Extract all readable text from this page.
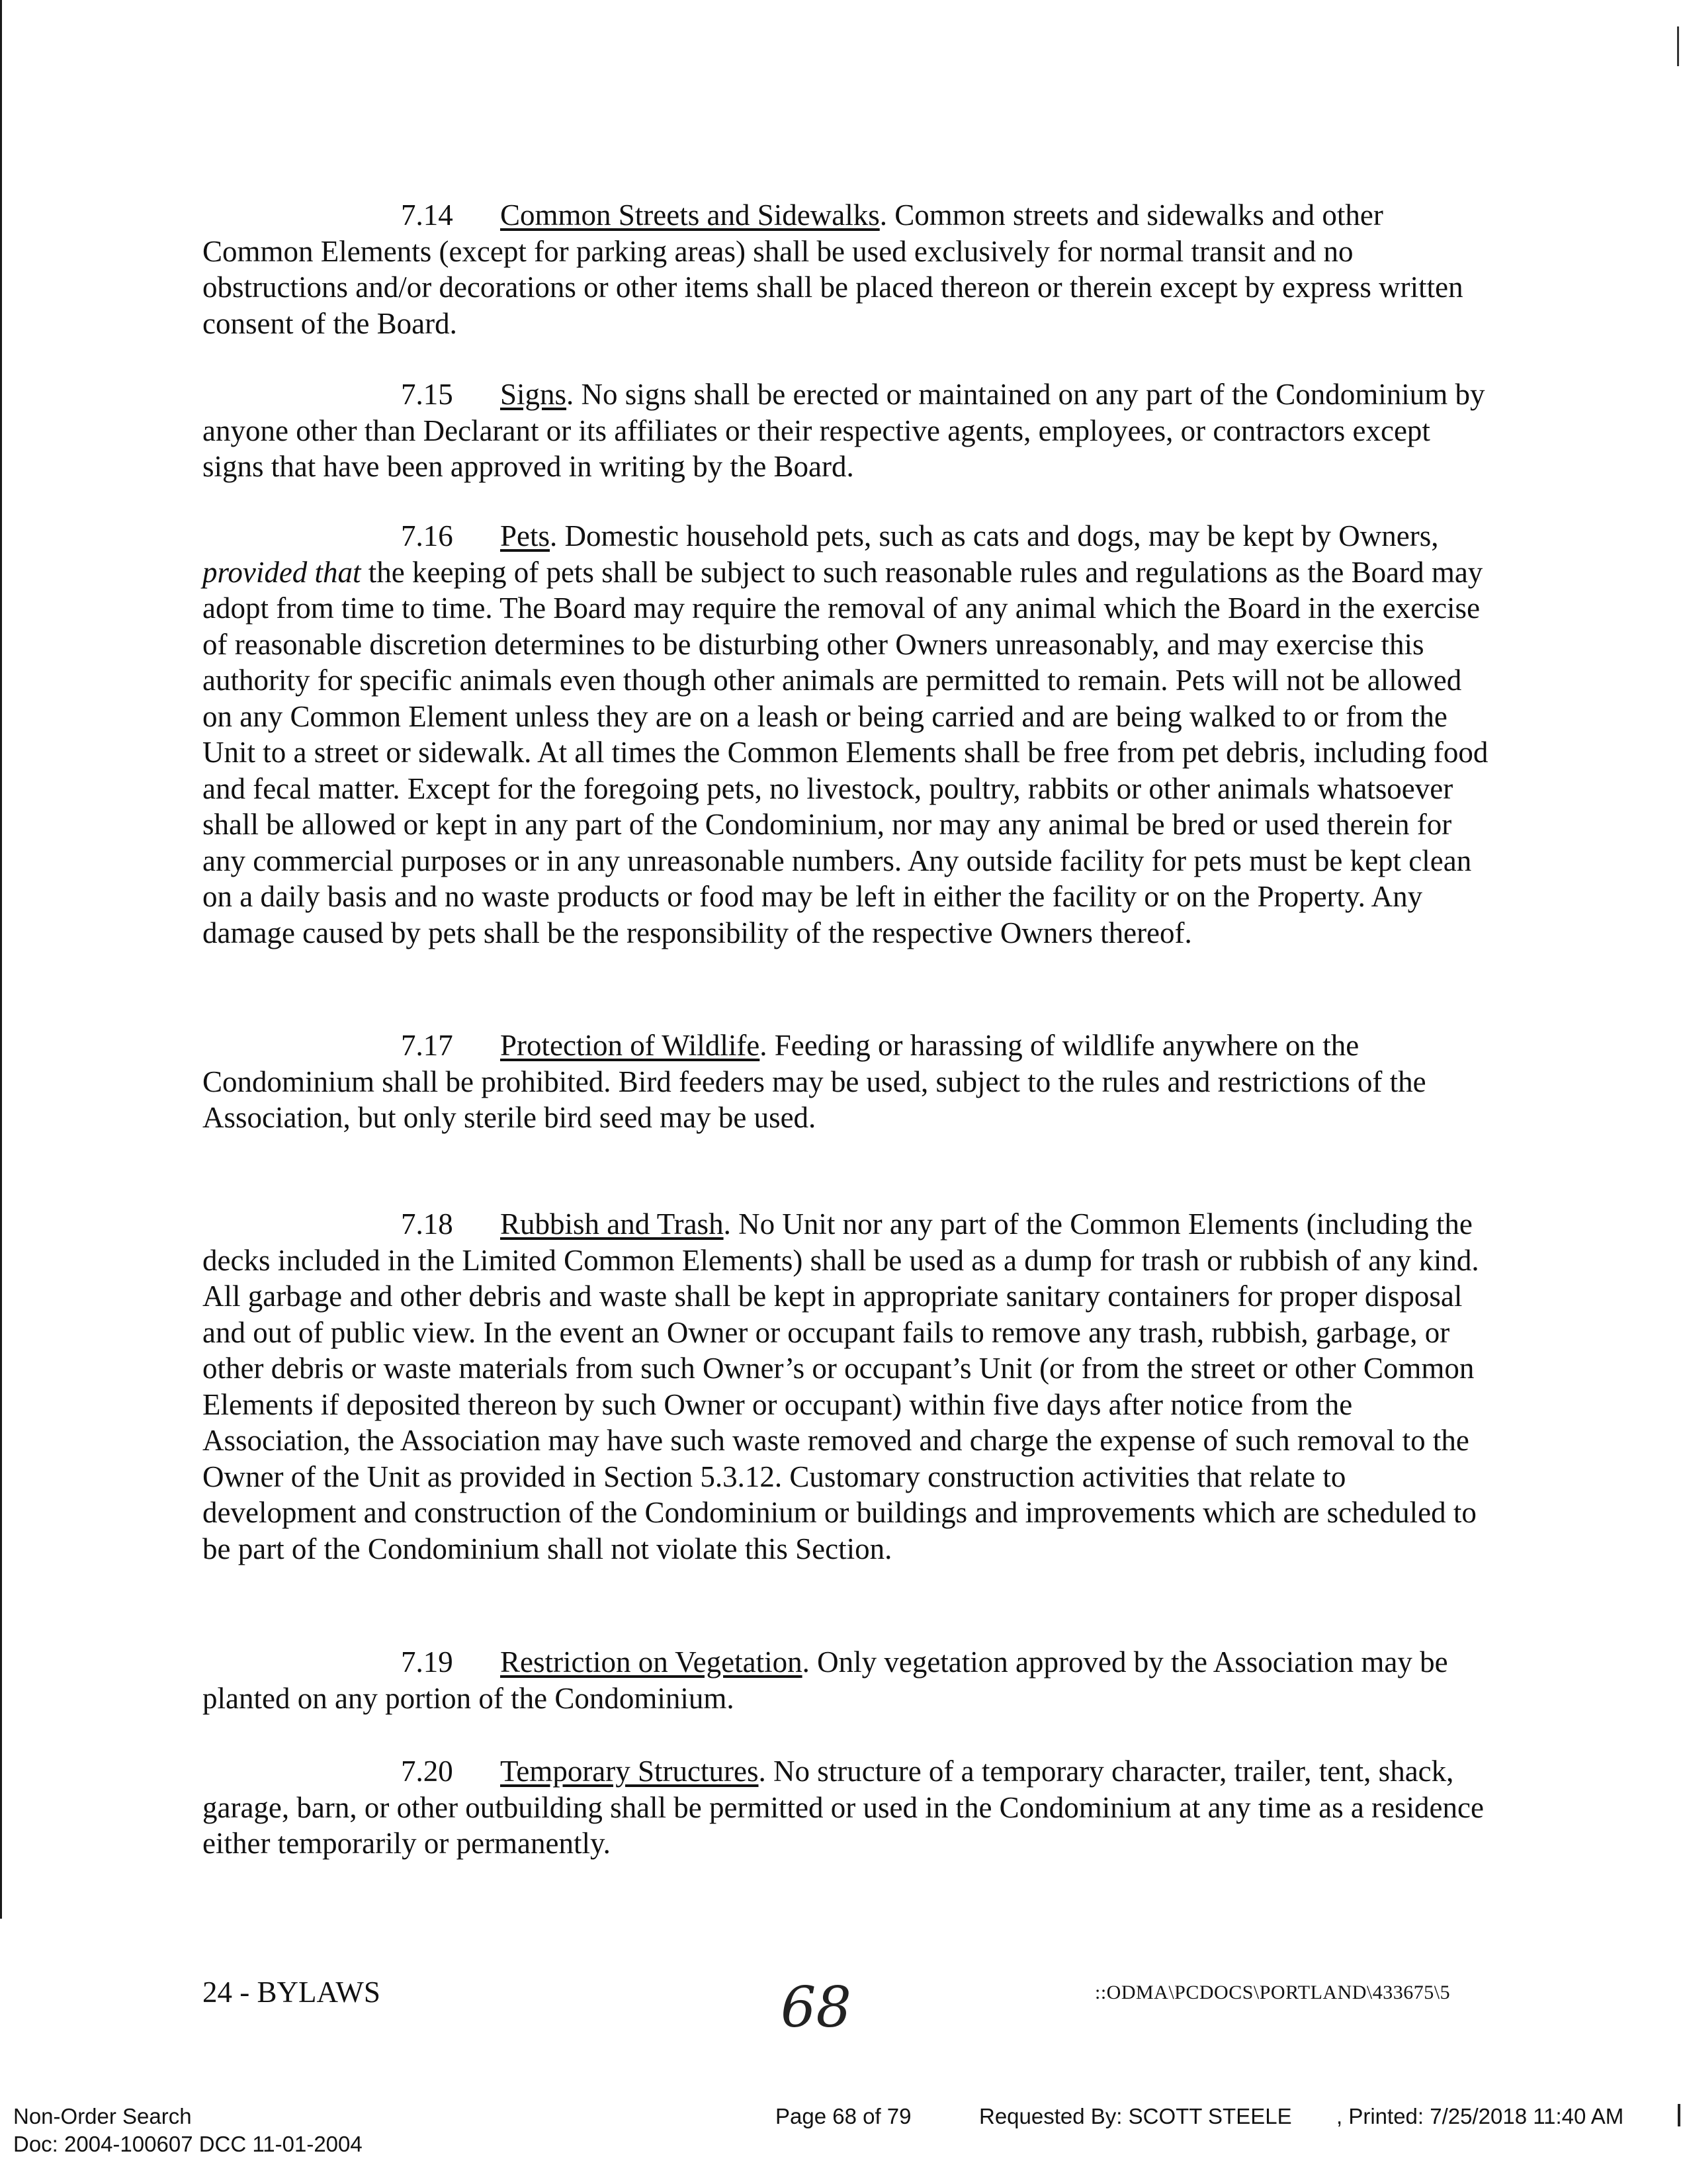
7.14 Common Streets and Sidewalks. Common streets and sidewalks and other Common Elements (except for parking areas) shall be used exclusively for normal transit and no obstructions and/or decorations or other items shall be placed thereon or therein except by express written consent of the Board.

7.15 Signs. No signs shall be erected or maintained on any part of the Condominium by anyone other than Declarant or its affiliates or their respective agents, employees, or contractors except signs that have been approved in writing by the Board.

7.16 Pets. Domestic household pets, such as cats and dogs, may be kept by Owners, provided that the keeping of pets shall be subject to such reasonable rules and regulations as the Board may adopt from time to time. The Board may require the removal of any animal which the Board in the exercise of reasonable discretion determines to be disturbing other Owners unreasonably, and may exercise this authority for specific animals even though other animals are permitted to remain. Pets will not be allowed on any Common Element unless they are on a leash or being carried and are being walked to or from the Unit to a street or sidewalk. At all times the Common Elements shall be free from pet debris, including food and fecal matter. Except for the foregoing pets, no livestock, poultry, rabbits or other animals whatsoever shall be allowed or kept in any part of the Condominium, nor may any animal be bred or used therein for any commercial purposes or in any unreasonable numbers. Any outside facility for pets must be kept clean on a daily basis and no waste products or food may be left in either the facility or on the Property. Any damage caused by pets shall be the responsibility of the respective Owners thereof.

7.17 Protection of Wildlife. Feeding or harassing of wildlife anywhere on the Condominium shall be prohibited. Bird feeders may be used, subject to the rules and restrictions of the Association, but only sterile bird seed may be used.

7.18 Rubbish and Trash. No Unit nor any part of the Common Elements (including the decks included in the Limited Common Elements) shall be used as a dump for trash or rubbish of any kind. All garbage and other debris and waste shall be kept in appropriate sanitary containers for proper disposal and out of public view. In the event an Owner or occupant fails to remove any trash, rubbish, garbage, or other debris or waste materials from such Owner’s or occupant’s Unit (or from the street or other Common Elements if deposited thereon by such Owner or occupant) within five days after notice from the Association, the Association may have such waste removed and charge the expense of such removal to the Owner of the Unit as provided in Section 5.3.12. Customary construction activities that relate to development and construction of the Condominium or buildings and improvements which are scheduled to be part of the Condominium shall not violate this Section.

7.19 Restriction on Vegetation. Only vegetation approved by the Association may be planted on any portion of the Condominium.

7.20 Temporary Structures. No structure of a temporary character, trailer, tent, shack, garage, barn, or other outbuilding shall be permitted or used in the Condominium at any time as a residence either temporarily or permanently.

24 - BYLAWS	68	::ODMA\PCDOCS\PORTLAND\433675\5
Non-Order Search	Page 68 of 79	Requested By: SCOTT STEELE , Printed: 7/25/2018 11:40 AM
Doc: 2004-100607 DCC 11-01-2004
